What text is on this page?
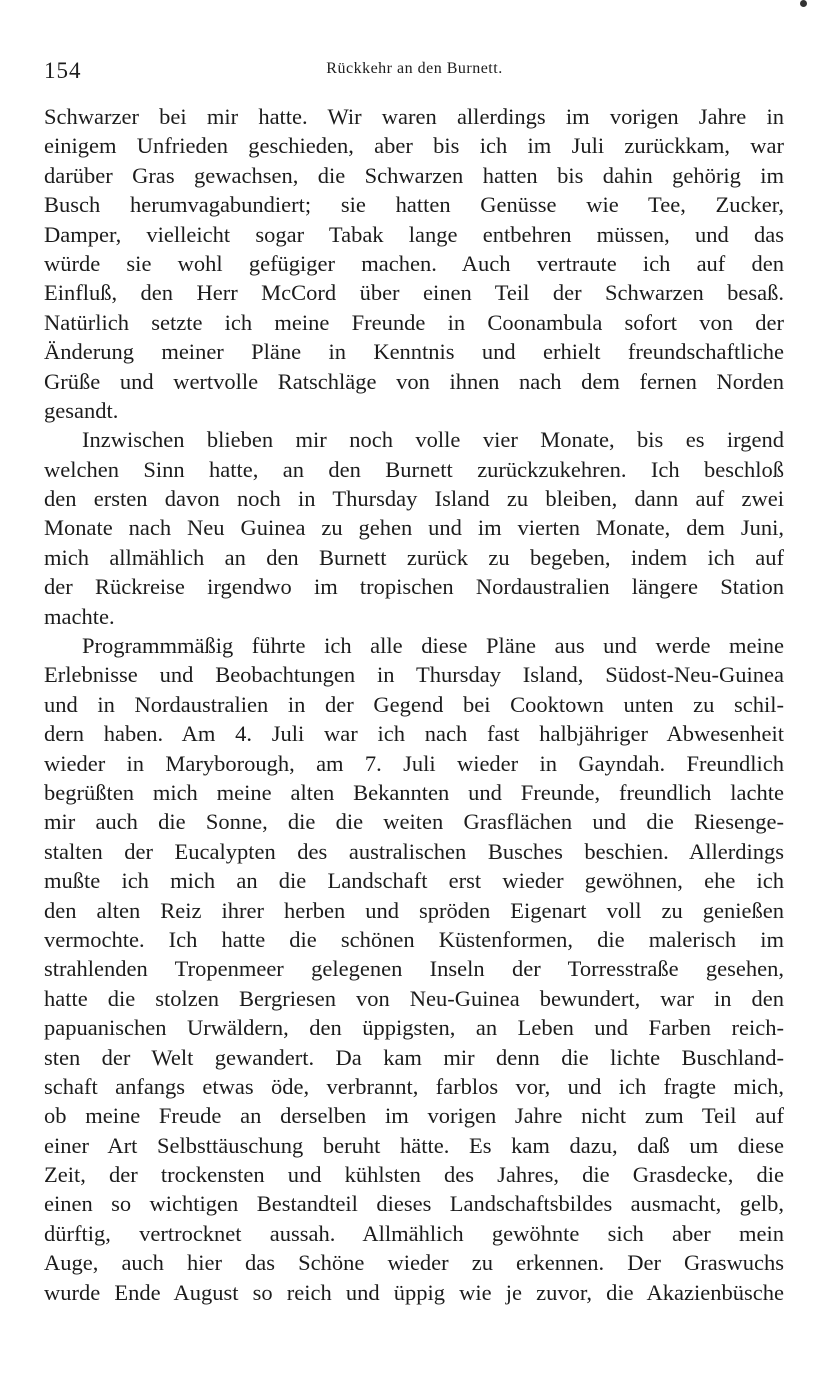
154	Rückkehr an den Burnett.
Schwarzer bei mir hatte. Wir waren allerdings im vorigen Jahre in
einigem Unfrieden geschieden, aber bis ich im Juli zurückkam, war
darüber Gras gewachsen, die Schwarzen hatten bis dahin gehörig im
Busch herumvagabundiert; sie hatten Genüsse wie Tee, Zucker,
Damper, vielleicht sogar Tabak lange entbehren müssen, und das
würde sie wohl gefügiger machen. Auch vertraute ich auf den
Einfluß, den Herr McCord über einen Teil der Schwarzen besaß.
Natürlich setzte ich meine Freunde in Coonambula sofort von der
Änderung meiner Pläne in Kenntnis und erhielt freundschaftliche
Grüße und wertvolle Ratschläge von ihnen nach dem fernen Norden
gesandt.
Inzwischen blieben mir noch volle vier Monate, bis es irgend
welchen Sinn hatte, an den Burnett zurückzukehren. Ich beschloß
den ersten davon noch in Thursday Island zu bleiben, dann auf zwei
Monate nach Neu Guinea zu gehen und im vierten Monate, dem Juni,
mich allmählich an den Burnett zurück zu begeben, indem ich auf
der Rückreise irgendwo im tropischen Nordaustralien längere Station
machte.
Programmmäßig führte ich alle diese Pläne aus und werde meine
Erlebnisse und Beobachtungen in Thursday Island, Südost-Neu-Guinea
und in Nordaustralien in der Gegend bei Cooktown unten zu schil-
dern haben. Am 4. Juli war ich nach fast halbjähriger Abwesenheit
wieder in Maryborough, am 7. Juli wieder in Gayndah. Freundlich
begrüßten mich meine alten Bekannten und Freunde, freundlich lachte
mir auch die Sonne, die die weiten Grasflächen und die Riesenge-
stalten der Eucalypten des australischen Busches beschien. Allerdings
mußte ich mich an die Landschaft erst wieder gewöhnen, ehe ich
den alten Reiz ihrer herben und spröden Eigenart voll zu genießen
vermochte. Ich hatte die schönen Küstenformen, die malerisch im
strahlenden Tropenmeer gelegenen Inseln der Torresstraße gesehen,
hatte die stolzen Bergriesen von Neu-Guinea bewundert, war in den
papuanischen Urwäldern, den üppigsten, an Leben und Farben reich-
sten der Welt gewandert. Da kam mir denn die lichte Buschland-
schaft anfangs etwas öde, verbrannt, farblos vor, und ich fragte mich,
ob meine Freude an derselben im vorigen Jahre nicht zum Teil auf
einer Art Selbsttäuschung beruht hätte. Es kam dazu, daß um diese
Zeit, der trockensten und kühlsten des Jahres, die Grasdecke, die
einen so wichtigen Bestandteil dieses Landschaftsbildes ausmacht, gelb,
dürftig, vertrocknet aussah. Allmählich gewöhnte sich aber mein
Auge, auch hier das Schöne wieder zu erkennen. Der Graswuchs
wurde Ende August so reich und üppig wie je zuvor, die Akazienbüsche
